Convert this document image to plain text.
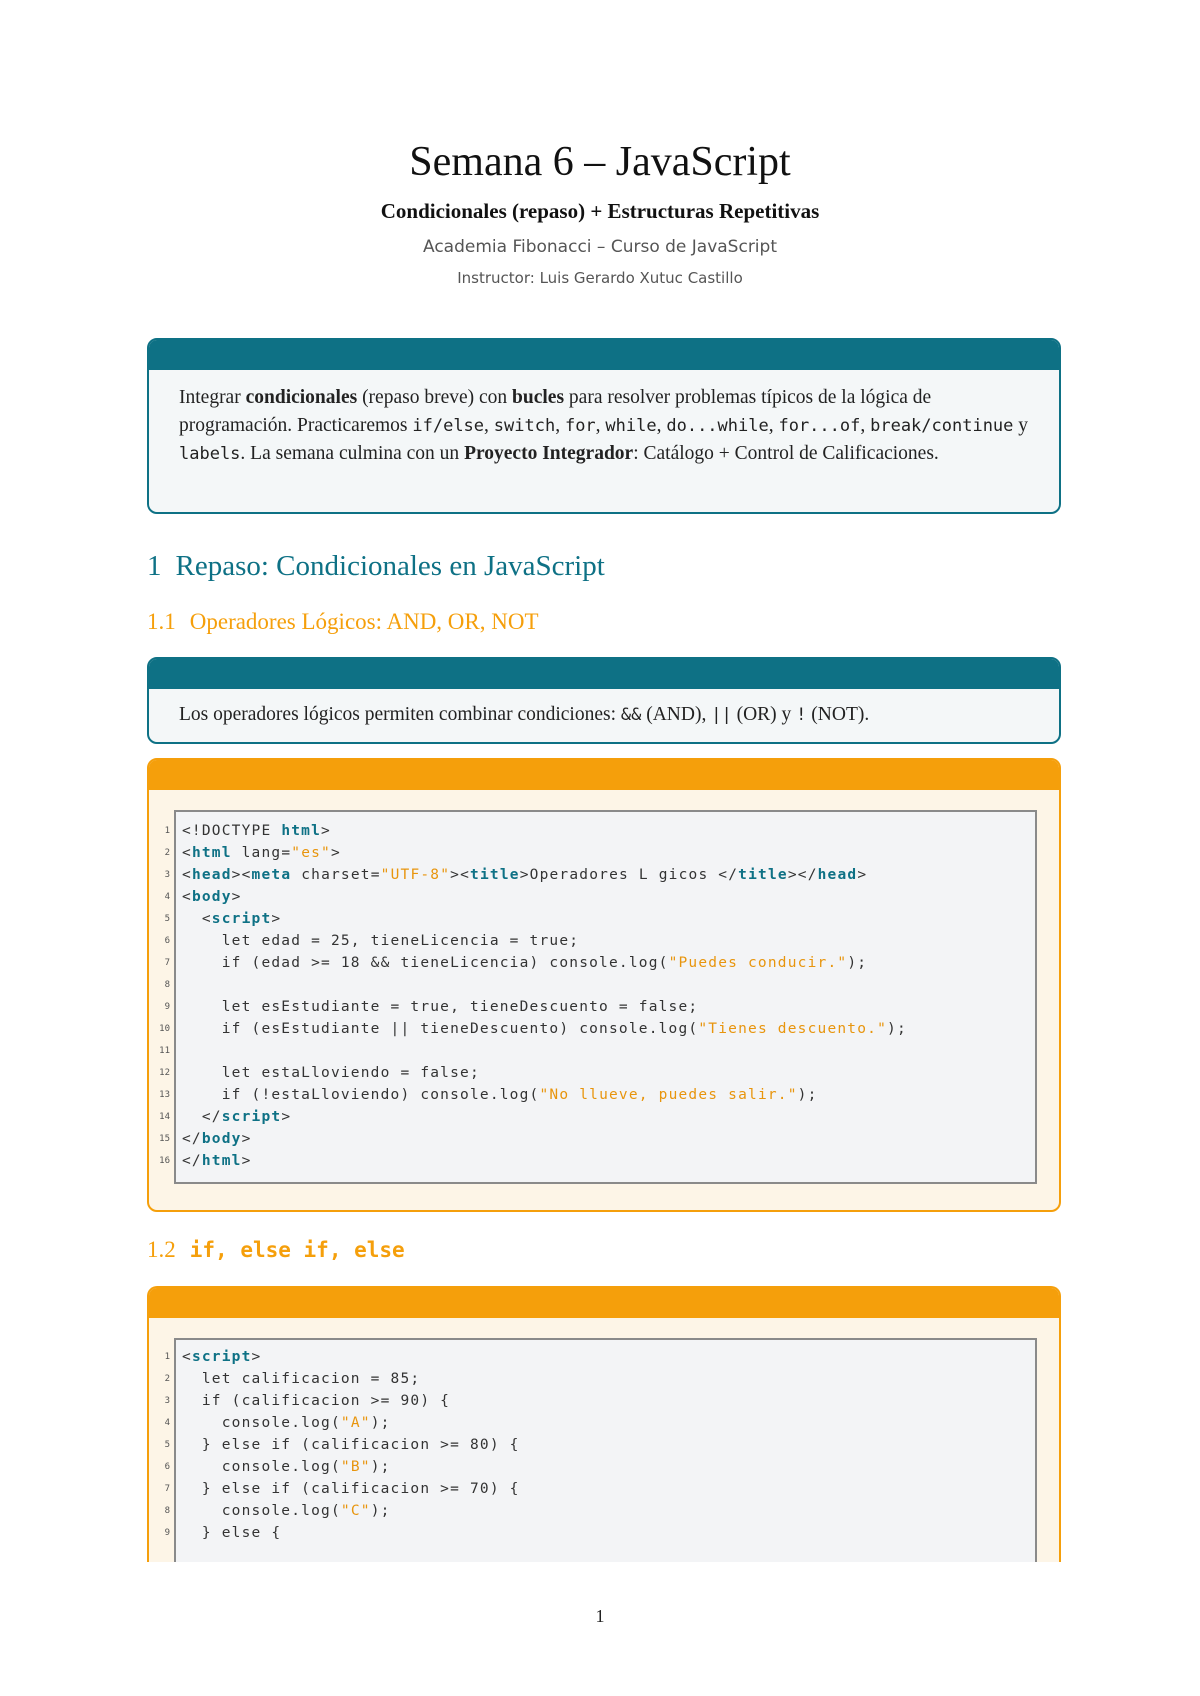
Semana 6 – JavaScript
Condicionales (repaso) + Estructuras Repetitivas
Academia Fibonacci – Curso de JavaScript
Instructor: Luis Gerardo Xutuc Castillo
Integrar condicionales (repaso breve) con bucles para resolver problemas típicos de la lógica de programación. Practicaremos if/else, switch, for, while, do...while, for...of, break/continue y labels. La semana culmina con un Proyecto Integrador: Catálogo + Control de Calificaciones.
1 Repaso: Condicionales en JavaScript
1.1 Operadores Lógicos: AND, OR, NOT
Los operadores lógicos permiten combinar condiciones: && (AND), || (OR) y ! (NOT).
1 <!DOCTYPE html>
2 <html lang="es">
3 <head><meta charset="UTF-8"><title>Operadores L gicos </title></head>
4 <body>
5 <script>
6 let edad = 25, tieneLicencia = true;
7 if (edad >= 18 && tieneLicencia) console.log("Puedes conducir.");
8
9 let esEstudiante = true, tieneDescuento = false;
10 if (esEstudiante || tieneDescuento) console.log("Tienes descuento.");
11
12 let estaLloviendo = false;
13 if (!estaLloviendo) console.log("No llueve, puedes salir.");
14 </script>
15 </body>
16 </html>
1.2 if, else if, else
1 <script>
2 let calificacion = 85;
3 if (calificacion >= 90) {
4 console.log("A");
5 } else if (calificacion >= 80) {
6 console.log("B");
7 } else if (calificacion >= 70) {
8 console.log("C");
9 } else {
1
